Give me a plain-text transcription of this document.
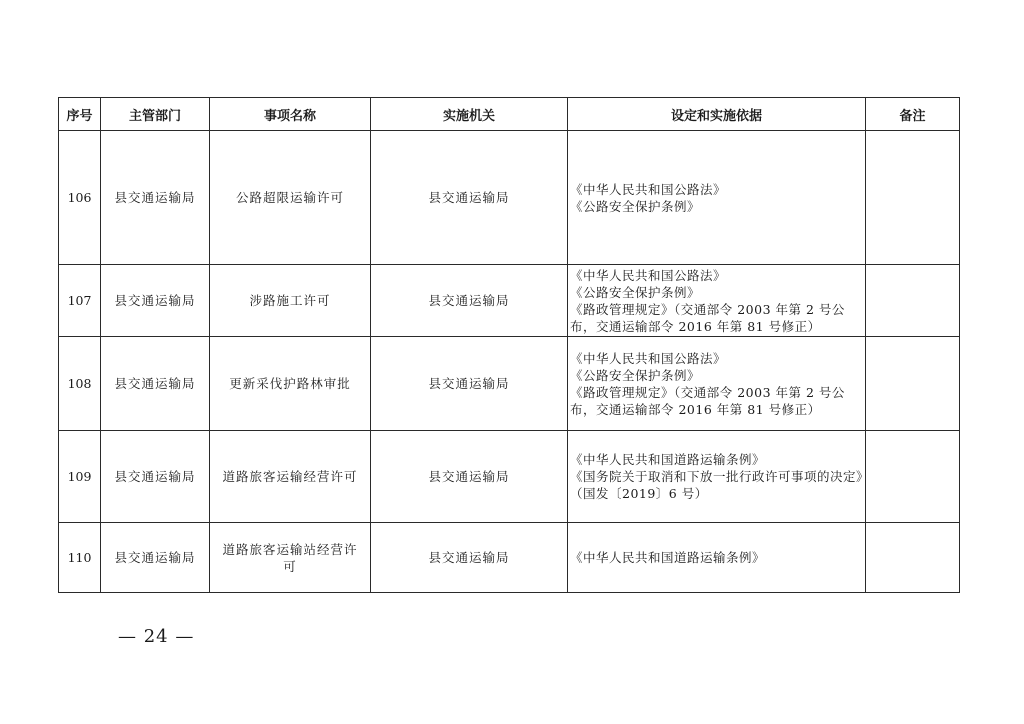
序号	主管部门	事项名称	实施机关	设定和实施依据	备注
106	县交通运输局	公路超限运输许可	县交通运输局	《中华人民共和国公路法》
《公路安全保护条例》	

107	县交通运输局	涉路施工许可	县交通运输局	《中华人民共和国公路法》
《公路安全保护条例》
《路政管理规定》（交通部令 2003 年第 2 号公布，交通运输部令 2016 年第 81 号修正）	

108	县交通运输局	更新采伐护路林审批	县交通运输局	《中华人民共和国公路法》
《公路安全保护条例》
《路政管理规定》（交通部令 2003 年第 2 号公布，交通运输部令 2016 年第 81 号修正）	

109	县交通运输局	道路旅客运输经营许可	县交通运输局	《中华人民共和国道路运输条例》
《国务院关于取消和下放一批行政许可事项的决定》（国发〔2019〕6 号）	

110	县交通运输局	道路旅客运输站经营许可	县交通运输局	《中华人民共和国道路运输条例》	

— 24 —
